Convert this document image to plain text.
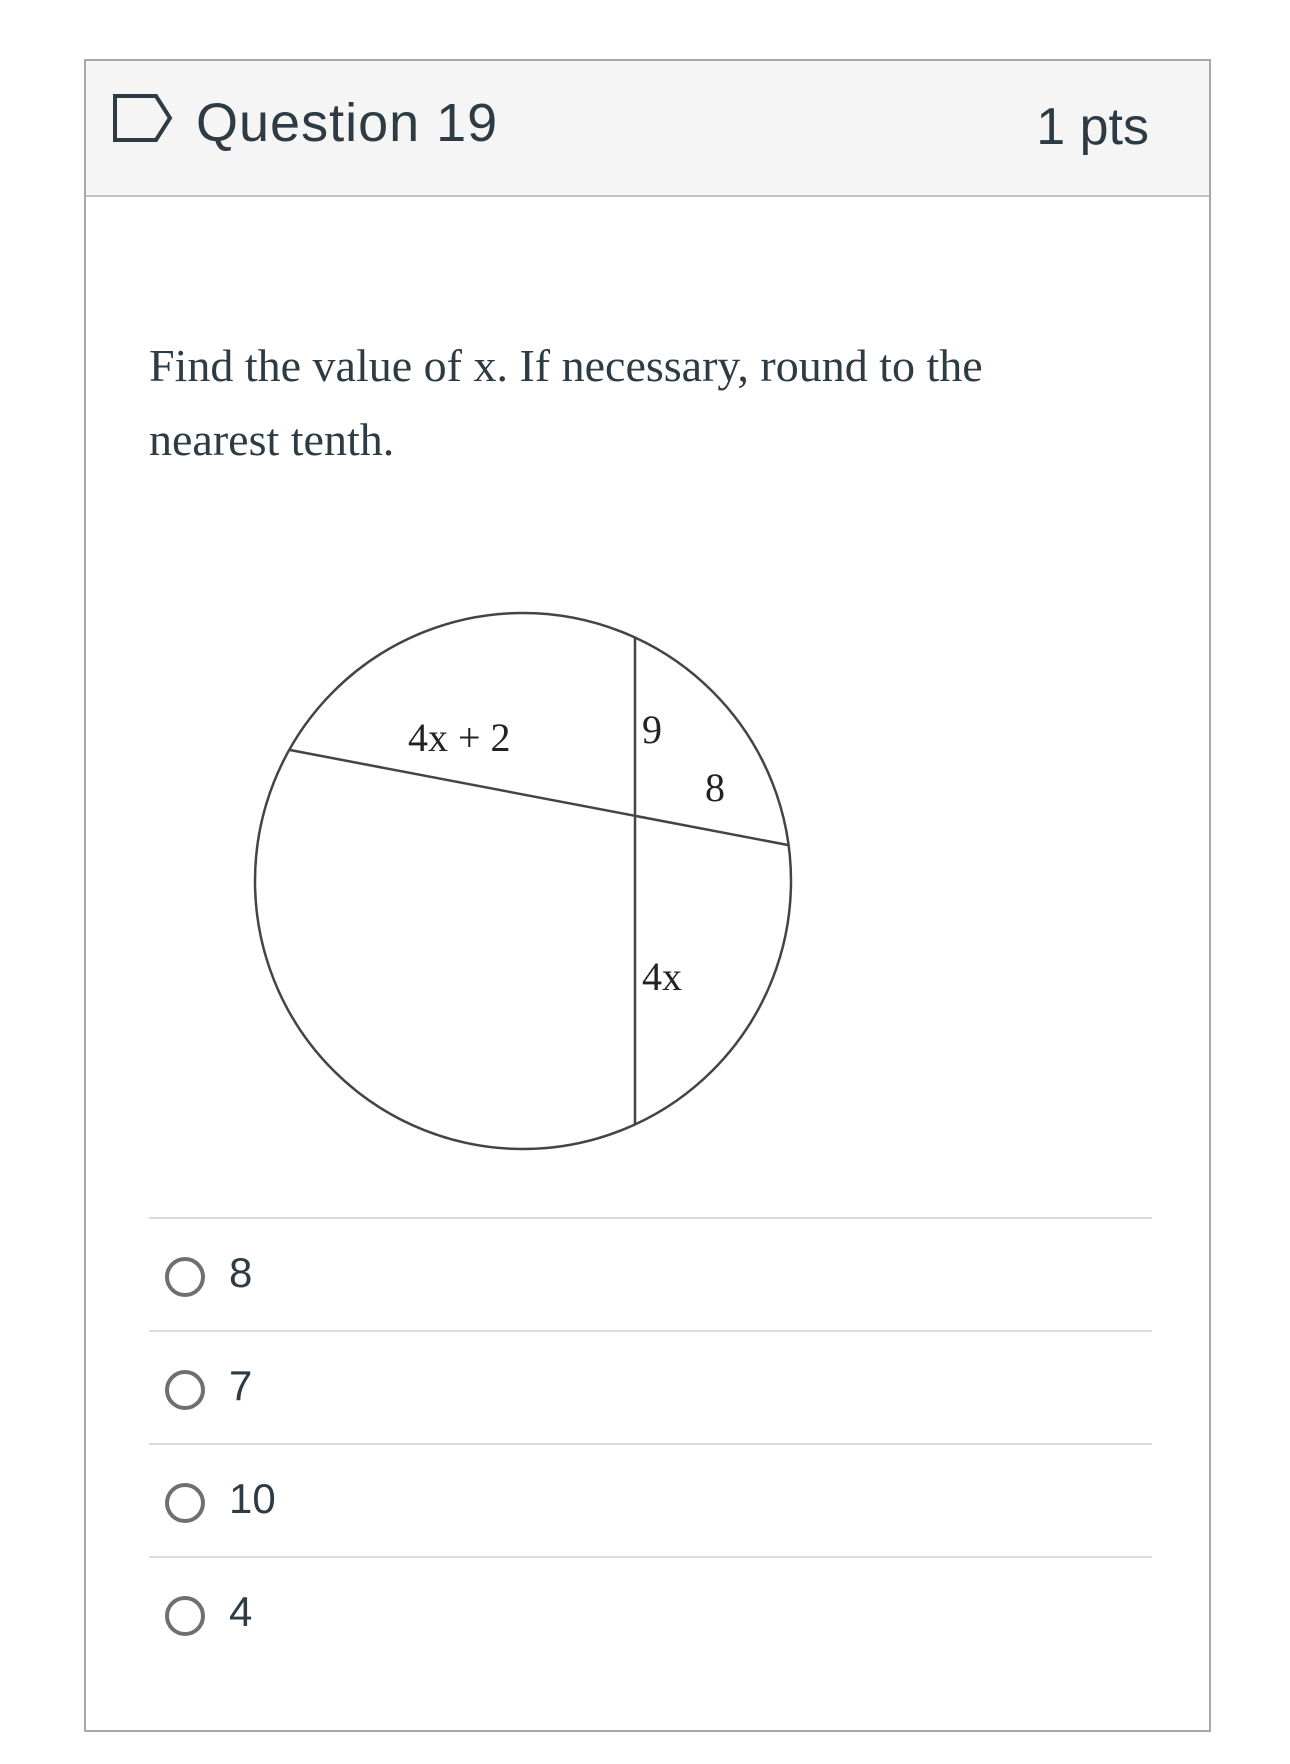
Question 19	1 pts
Find the value of x. If necessary, round to the nearest tenth.
4x + 2	9
8
4x
8
7
10
4
